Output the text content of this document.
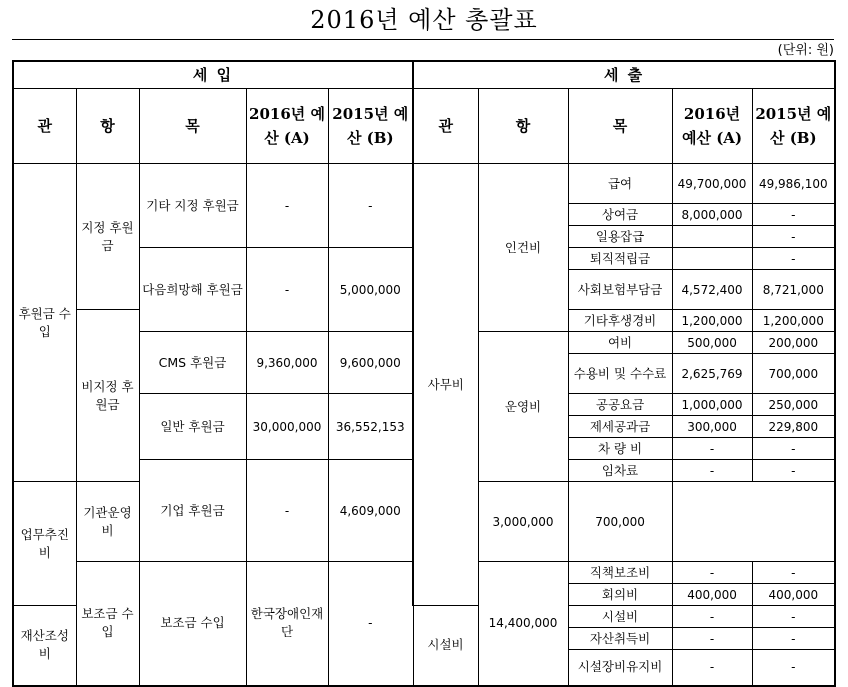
2016년 예산 총괄표
(단위: 원)
세 입					세 출				
관	항	목	2016년 예산 (A)	2015년 예산 (B)	관	항	목	2016년 예산 (A)	2015년 예산 (B)
후원금 수입	지정 후원금	기타 지정 후원금	-	-	사무비	인건비	급여	49,700,000	49,986,100
							상여금	8,000,000	-
							일용잡급		-
		다음희망해 후원금	-	5,000,000			퇴직적립금		-
							사회보험부담금	4,572,400	8,721,000
	비지정 후원금						기타후생경비	1,200,000	1,200,000
		CMS 후원금	9,360,000	9,600,000		운영비	여비	500,000	200,000
							수용비 및 수수료	2,625,769	700,000
		일반 후원금	30,000,000	36,552,153			공공요금	1,000,000	250,000
							제세공과금	300,000	229,800
							차 량 비	-	-
		기업 후원금	-	4,609,000			임차료	-	-
업무추진비	기관운영비					3,000,000	700,000		
	보조금 수입	보조금 수입	한국장애인재단	-		14,400,000	직책보조비	-	-
							회의비	400,000	400,000
재산조성비					시설비		시설비	-	-
							자산취득비	-	-
							시설장비유지비	-	-
